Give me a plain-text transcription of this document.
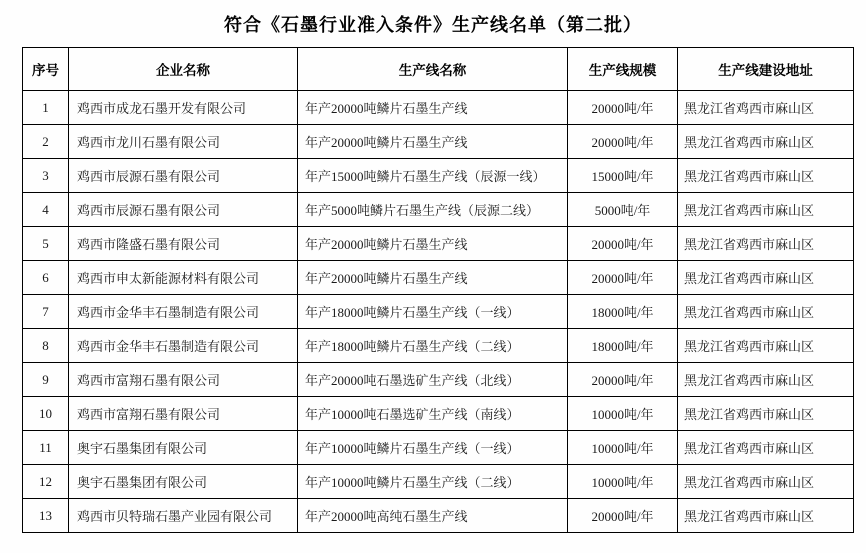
符合《石墨行业准入条件》生产线名单（第二批）
序号	企业名称	生产线名称	生产线规模	生产线建设地址
1	鸡西市成龙石墨开发有限公司	年产20000吨鳞片石墨生产线	20000吨/年	黑龙江省鸡西市麻山区
2	鸡西市龙川石墨有限公司	年产20000吨鳞片石墨生产线	20000吨/年	黑龙江省鸡西市麻山区
3	鸡西市辰源石墨有限公司	年产15000吨鳞片石墨生产线（辰源一线）	15000吨/年	黑龙江省鸡西市麻山区
4	鸡西市辰源石墨有限公司	年产5000吨鳞片石墨生产线（辰源二线）	5000吨/年	黑龙江省鸡西市麻山区
5	鸡西市隆盛石墨有限公司	年产20000吨鳞片石墨生产线	20000吨/年	黑龙江省鸡西市麻山区
6	鸡西市申太新能源材料有限公司	年产20000吨鳞片石墨生产线	20000吨/年	黑龙江省鸡西市麻山区
7	鸡西市金华丰石墨制造有限公司	年产18000吨鳞片石墨生产线（一线）	18000吨/年	黑龙江省鸡西市麻山区
8	鸡西市金华丰石墨制造有限公司	年产18000吨鳞片石墨生产线（二线）	18000吨/年	黑龙江省鸡西市麻山区
9	鸡西市富翔石墨有限公司	年产20000吨石墨选矿生产线（北线）	20000吨/年	黑龙江省鸡西市麻山区
10	鸡西市富翔石墨有限公司	年产10000吨石墨选矿生产线（南线）	10000吨/年	黑龙江省鸡西市麻山区
11	奥宇石墨集团有限公司	年产10000吨鳞片石墨生产线（一线）	10000吨/年	黑龙江省鸡西市麻山区
12	奥宇石墨集团有限公司	年产10000吨鳞片石墨生产线（二线）	10000吨/年	黑龙江省鸡西市麻山区
13	鸡西市贝特瑞石墨产业园有限公司	年产20000吨高纯石墨生产线	20000吨/年	黑龙江省鸡西市麻山区
